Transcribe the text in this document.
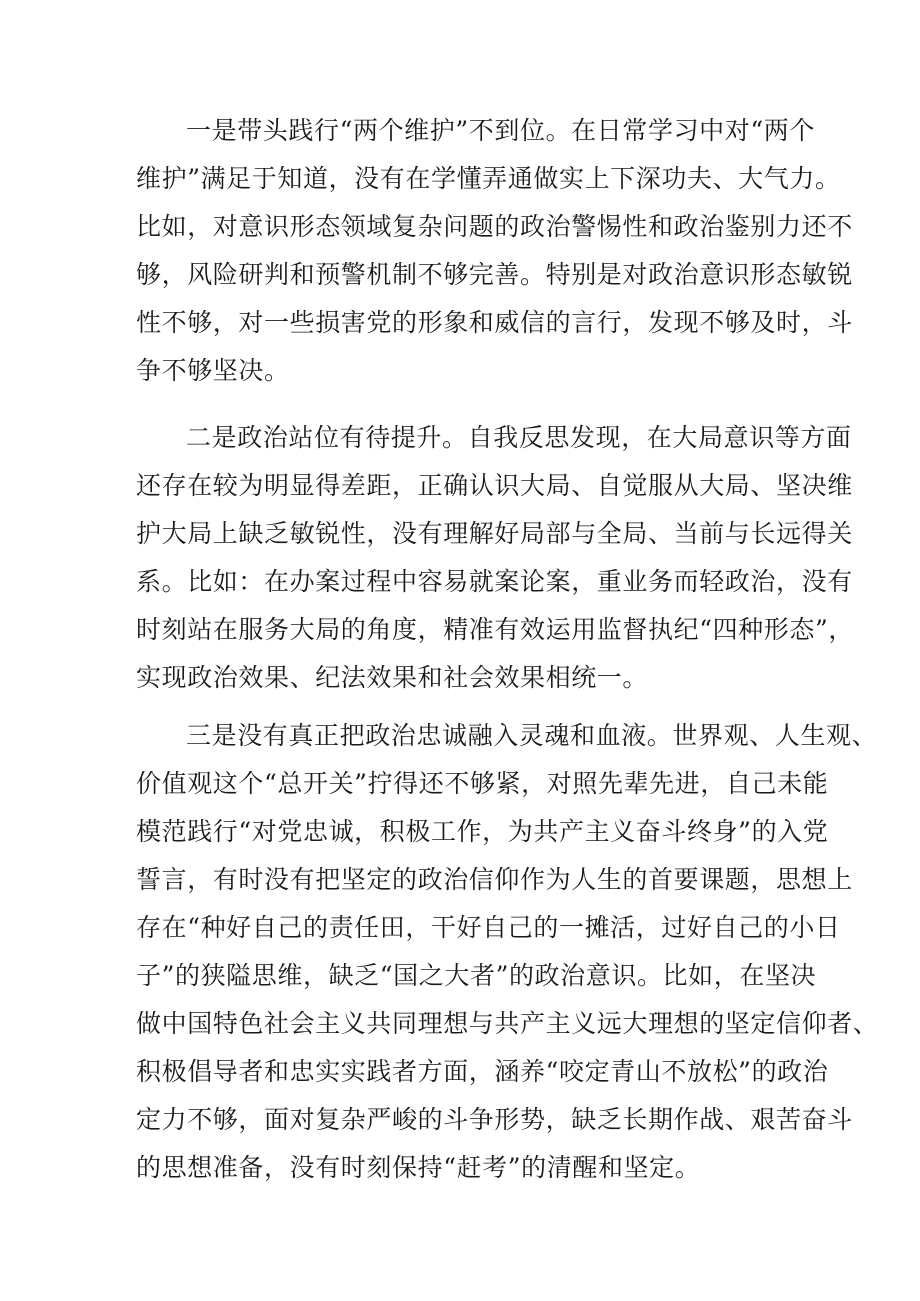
一是带头践行“两个维护”不到位。在日常学习中对“两个
维护”满足于知道，没有在学懂弄通做实上下深功夫、大气力。
比如，对意识形态领域复杂问题的政治警惕性和政治鉴别力还不
够，风险研判和预警机制不够完善。特别是对政治意识形态敏锐
性不够，对一些损害党的形象和威信的言行，发现不够及时，斗
争不够坚决。
二是政治站位有待提升。自我反思发现，在大局意识等方面
还存在较为明显得差距，正确认识大局、自觉服从大局、坚决维
护大局上缺乏敏锐性，没有理解好局部与全局、当前与长远得关
系。比如：在办案过程中容易就案论案，重业务而轻政治，没有
时刻站在服务大局的角度，精准有效运用监督执纪“四种形态”，
实现政治效果、纪法效果和社会效果相统一。
三是没有真正把政治忠诚融入灵魂和血液。世界观、人生观、
价值观这个“总开关”拧得还不够紧，对照先辈先进，自己未能
模范践行“对党忠诚，积极工作，为共产主义奋斗终身”的入党
誓言，有时没有把坚定的政治信仰作为人生的首要课题，思想上
存在“种好自己的责任田，干好自己的一摊活，过好自己的小日
子”的狭隘思维，缺乏“国之大者”的政治意识。比如，在坚决
做中国特色社会主义共同理想与共产主义远大理想的坚定信仰者、
积极倡导者和忠实实践者方面，涵养“咬定青山不放松”的政治
定力不够，面对复杂严峻的斗争形势，缺乏长期作战、艰苦奋斗
的思想准备，没有时刻保持“赶考”的清醒和坚定。
